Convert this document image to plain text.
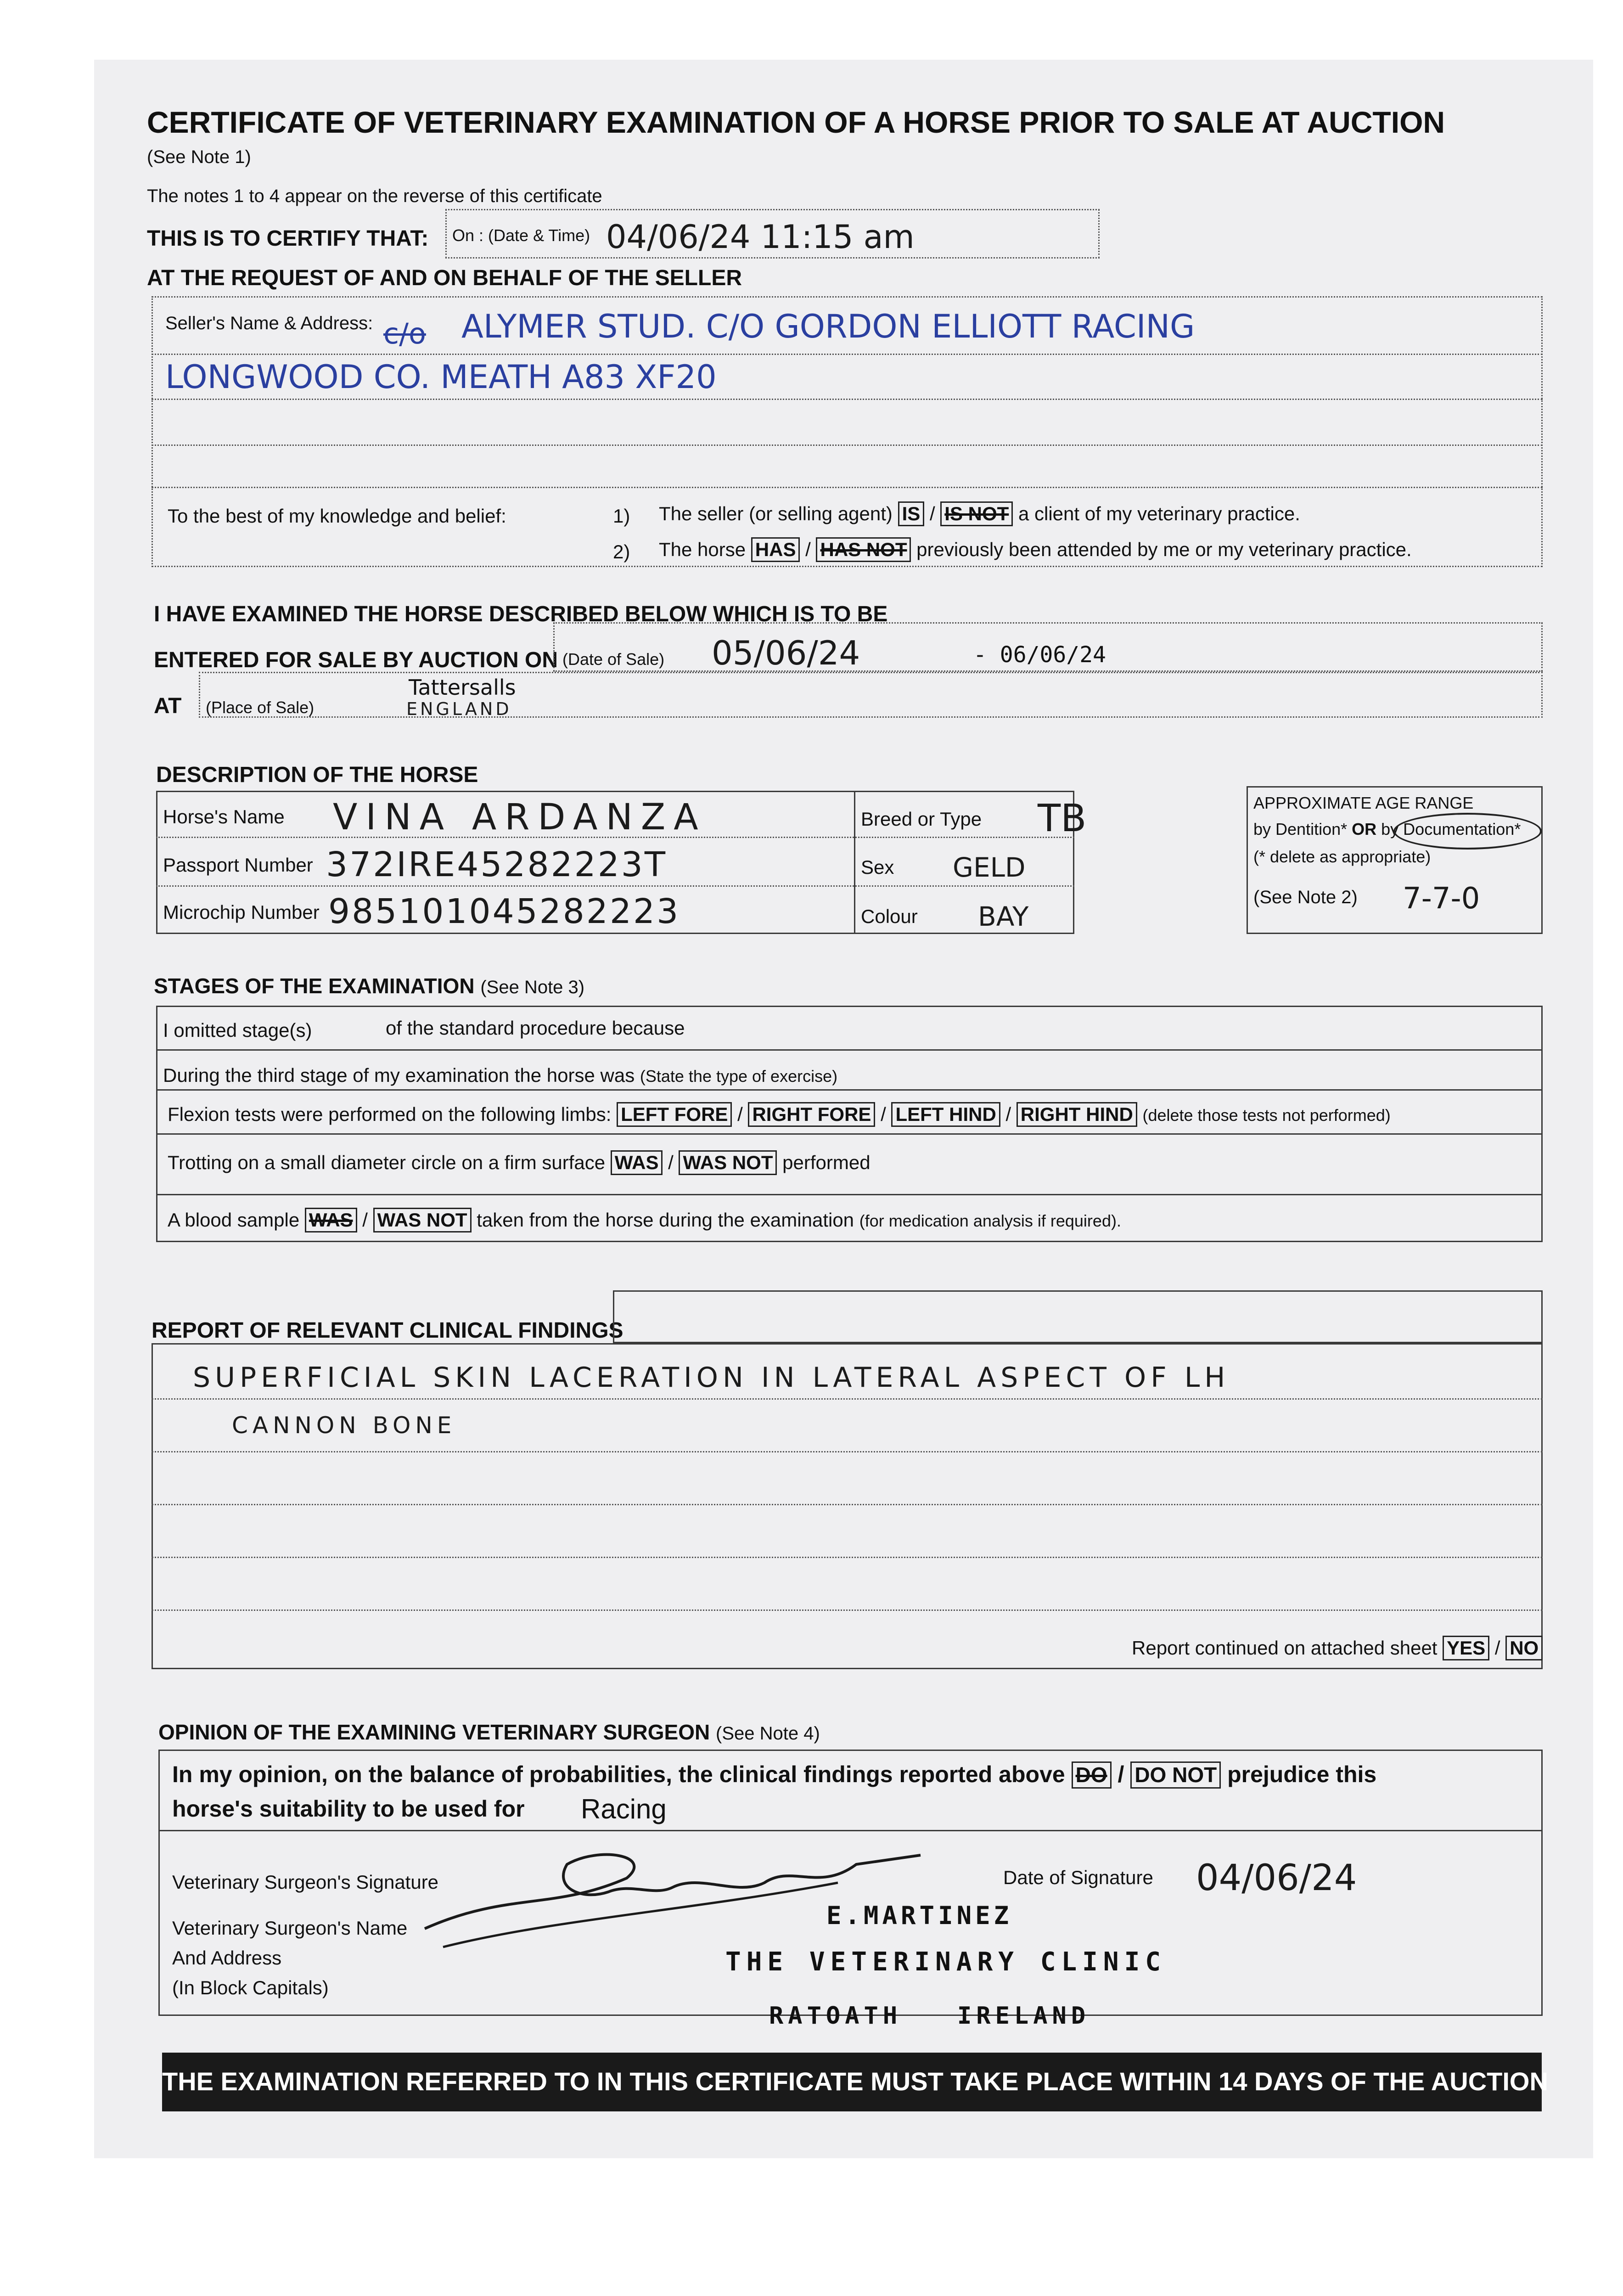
CERTIFICATE OF VETERINARY EXAMINATION OF A HORSE PRIOR TO SALE AT AUCTION
(See Note 1)
The notes 1 to 4 appear on the reverse of this certificate
THIS IS TO CERTIFY THAT: On : (Date & Time) 04/06/24 11:15 am
AT THE REQUEST OF AND ON BEHALF OF THE SELLER
Seller's Name & Address: c/o ALYMER STUD. C/O GORDON ELLIOTT RACING
LONGWOOD CO. MEATH A83 XF20
To the best of my knowledge and belief:	1) The seller (or selling agent) IS / IS NOT a client of my veterinary practice.
2) The horse HAS / HAS NOT previously been attended by me or my veterinary practice.
I HAVE EXAMINED THE HORSE DESCRIBED BELOW WHICH IS TO BE
ENTERED FOR SALE BY AUCTION ON (Date of Sale) 05/06/24	- 06/06/24
AT (Place of Sale)
Tattersalls
ENGLAND
DESCRIPTION OF THE HORSE
Horse's Name VINA ARDANZA
Passport Number 372IRE45282223T
Microchip Number 985101045282223
Breed or Type TB
Sex GELD
Colour BAY
APPROXIMATE AGE RANGE
by Dentition* OR by Documentation*
(* delete as appropriate)
(See Note 2) 7-7-0
STAGES OF THE EXAMINATION (See Note 3)
I omitted stage(s)	of the standard procedure because
During the third stage of my examination the horse was (State the type of exercise)
Flexion tests were performed on the following limbs: LEFT FORE / RIGHT FORE / LEFT HIND / RIGHT HIND (delete those tests not performed)
Trotting on a small diameter circle on a firm surface WAS / WAS NOT performed
A blood sample WAS / WAS NOT taken from the horse during the examination (for medication analysis if required).
REPORT OF RELEVANT CLINICAL FINDINGS
SUPERFICIAL SKIN LACERATION IN LATERAL ASPECT OF LH
CANNON BONE
Report continued on attached sheet YES / NO
OPINION OF THE EXAMINING VETERINARY SURGEON (See Note 4)
In my opinion, on the balance of probabilities, the clinical findings reported above DO / DO NOT prejudice this
horse's suitability to be used for Racing
Veterinary Surgeon's Signature	Date of Signature 04/06/24
Veterinary Surgeon's Name	E.MARTINEZ
And Address
(In Block Capitals)
THE VETERINARY CLINIC
RATOATH IRELAND
THE EXAMINATION REFERRED TO IN THIS CERTIFICATE MUST TAKE PLACE WITHIN 14 DAYS OF THE AUCTION
